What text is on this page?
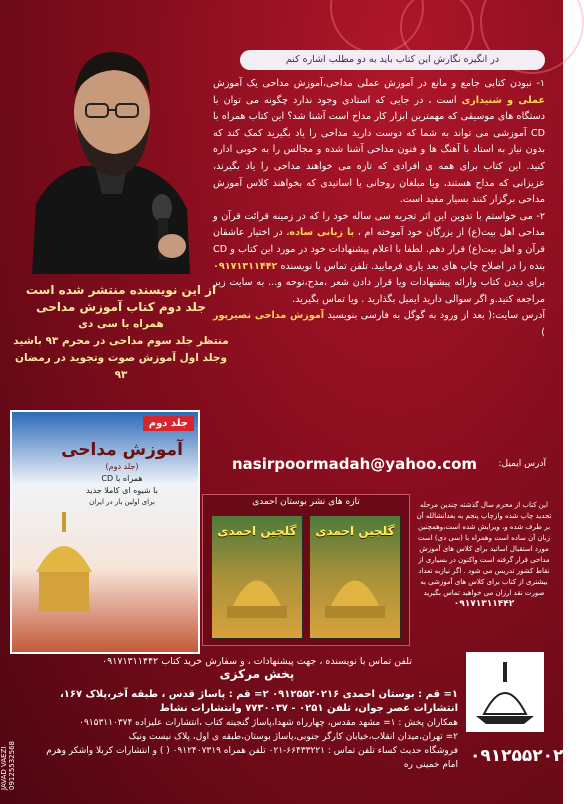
در انگیزه نگارش این کتاب باید به دو مطلب اشاره کنم

۱- نبودن کتابی جامع و مانع در آموزش عملی مداحی،آموزش مداحی یک آموزش عملی و شنیداری است ، در جایی که استادی وجود ندارد چگونه می توان با دستگاه های موسیقی که مهمترین ابزار کار مداح است آشنا شد؟ این کتاب همراه با CD آموزشی می تواند به شما که دوست دارید مداحی را یاد بگیرید کمک کند که بدون نیاز به استاد با آهنگ ها و فنون مداحی آشنا شده و مجالس را به خوبی اداره کنید. این کتاب برای همه ی افرادی که تازه می خواهند مداحی را یاد بگیرند، عزیزانی که مداح هستند، ویا مبلغان روحانی یا اساتیدی که بخواهند کلاس آموزش مداحی برگزار کنند بسیار مفید است.

۲- می خواستم با تدوین این اثر تجربه سی ساله خود را که در زمینه قرائت قرآن و مداحی اهل بیت(ع) از بزرگان خود آموخته ام ، با زبانی ساده، در اختیار عاشقان قرآن و اهل بیت(ع) قرار دهم. لطفا با اعلام پیشنهادات خود در مورد این کتاب و CD بنده را در اصلاح چاپ های بعد یاری فرمایید. تلفن تماس با نویسنده ۰۹۱۷۱۳۱۱۴۴۲ برای دیدن کتاب وارائه پیشنهادات ویا قرار دادن شعر ،مدح،نوحه و... به سایت زیر مراجعه کنید.و اگر سوالی دارید ایمیل بگذارید . ویا تماس بگیرید.

آدرس سایت:( بعد از ورود به گوگل به فارسی بنویسید آموزش مداحی نصیرپور )

آدرس ایمیل:
nasirpoormadah@yahoo.com
از این نویسنده منتشر شده است
جلد دوم کتاب آموزش مداحی
همراه با سی دی
منتظر جلد سوم مداحی در محرم ۹۳ باشید
وجلد اول آموزش صوت وتجوید در رمضان ۹۳
جلد دوم
آموزش مداحی
(جلد دوم)
همراه با CD
با شیوه ای کاملا جدید
برای اولین بار در ایران	تازه های نشر بوستان احمدی
گلچین احمدی	گلچین احمدی
این کتاب از محرم سال گذشته چندین مرحله تجدید چاپ شده وازچاپ پنجم به بعدانشالله آن بر طرف شده و، ویرایش شده است،وهمچنین زبان آن ساده است وهمراه با (سی دی) است مورد استقبال اساتید برای کلاس های آموزش مداحی قرار گرفته است واکنون در بسیاری از نقاط کشور تدریس می شود . اگر نیازبه تعداد بیشتری از کتاب برای کلاس های آموزشی به صورت نقد ارزان می خواهید تماس بگیرید
۰۹۱۷۱۳۱۱۴۴۲
تلفن تماس با نویسنده ، جهت پیشنهادات ، و سفارش خرید کتاب ۰۹۱۷۱۳۱۱۴۴۲
پخش مرکزی
۱= قم : بوستان احمدی ۰۹۱۲۵۵۲۰۲۱۶ ۲= قم : پاساژ قدس ، طبقه آخر،پلاک ۱۶۷،
انتشارات عصر جوان، تلفن ۰۲۵۱ - ۷۷۳۰۰۳۷ وانتشارات نشاط
همکاران پخش : ۱= مشهد مقدس، چهارراه شهدا،پاساژ گنجینه کتاب ،انتشارات علیزاده ۰۹۱۵۳۱۱۰۳۷۴
۲= تهران،میدان انقلاب،خیابان کارگر جنوبی،پاساژ بوستان،طبقه ی اول، پلاک نیست ونیک
فروشگاه حدیث کساء تلفن تماس : ۶۶۴۳۳۲۲۱-۰۲۱ تلفن همراه ۰۹۱۲۴۰۷۳۱۹ ( ) و انتشارات کربلا واشکر وهرم امام خمینی ره ۰۹۱۲۵۵۲۰۲۱۶
JAVAD VAEZI 09125532568
